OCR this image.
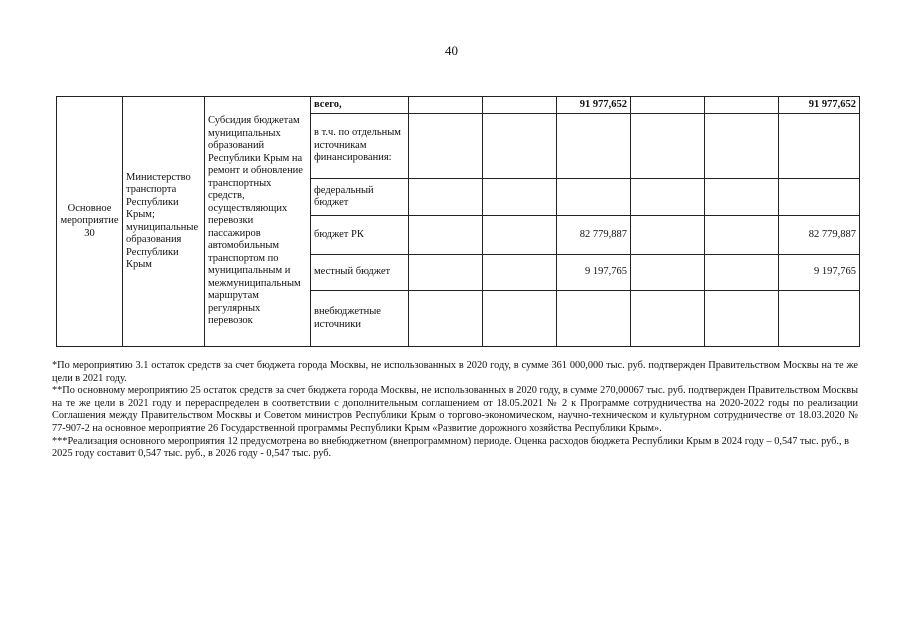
40
Основное мероприятие 30	Министерство транспорта Республики Крым; муниципальные образования Республики Крым	Субсидия бюджетам муниципальных образований Республики Крым на ремонт и обновление транспортных средств, осуществляющих перевозки пассажиров автомобильным транспортом по муниципальным и межмуниципальным маршрутам регулярных перевозок	всего,			91 977,652			91 977,652
			в т.ч. по отдельным источникам финансирования:						
			федеральный бюджет						
			бюджет РК			82 779,887			82 779,887
			местный бюджет			9 197,765			9 197,765
			внебюджетные источники						

*По мероприятию 3.1 остаток средств за счет бюджета города Москвы, не использованных в 2020 году, в сумме 361 000,000 тыс. руб. подтвержден Правительством Москвы на те же цели в 2021 году.

**По основному мероприятию 25 остаток средств за счет бюджета города Москвы, не использованных в 2020 году, в сумме 270,00067 тыс. руб. подтвержден Правительством Москвы на те же цели в 2021 году и перераспределен в соответствии с дополнительным соглашением от 18.05.2021 № 2 к Программе сотрудничества на 2020-2022 годы по реализации Соглашения между Правительством Москвы и Советом министров Республики Крым о торгово-экономическом, научно-техническом и культурном сотрудничестве от 18.03.2020 № 77-907-2 на основное мероприятие 26 Государственной программы Республики Крым «Развитие дорожного хозяйства Республики Крым».

***Реализация основного мероприятия 12 предусмотрена во внебюджетном (внепрограммном) периоде. Оценка расходов бюджета Республики Крым в 2024 году – 0,547 тыс. руб., в 2025 году составит 0,547 тыс. руб., в 2026 году - 0,547 тыс. руб.
